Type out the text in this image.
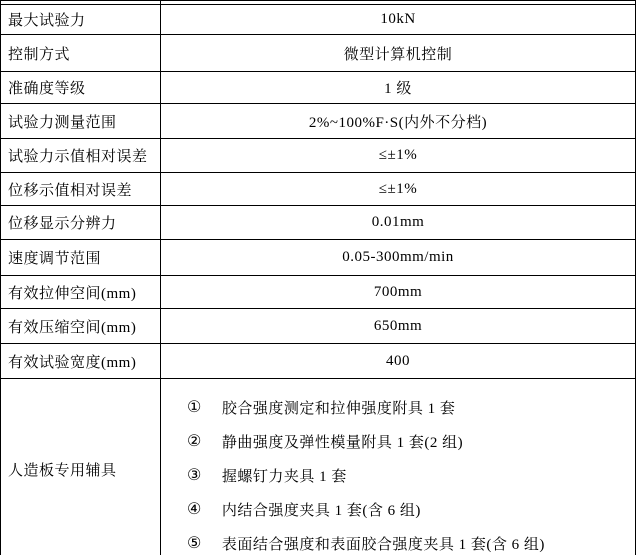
最大试验力	10kN
控制方式	微型计算机控制
准确度等级	1 级
试验力测量范围	2%~100%F·S(内外不分档)
试验力示值相对误差	≤±1%
位移示值相对误差	≤±1%
位移显示分辨力	0.01mm
速度调节范围	0.05-300mm/min
有效拉伸空间(mm)	700mm
有效压缩空间(mm)	650mm
有效试验宽度(mm)	400
人造板专用辅具
① 胶合强度测定和拉伸强度附具 1 套
② 静曲强度及弹性模量附具 1 套(2 组)
③ 握螺钉力夹具 1 套
④ 内结合强度夹具 1 套(含 6 组)
⑤ 表面结合强度和表面胶合强度夹具 1 套(含 6 组)
